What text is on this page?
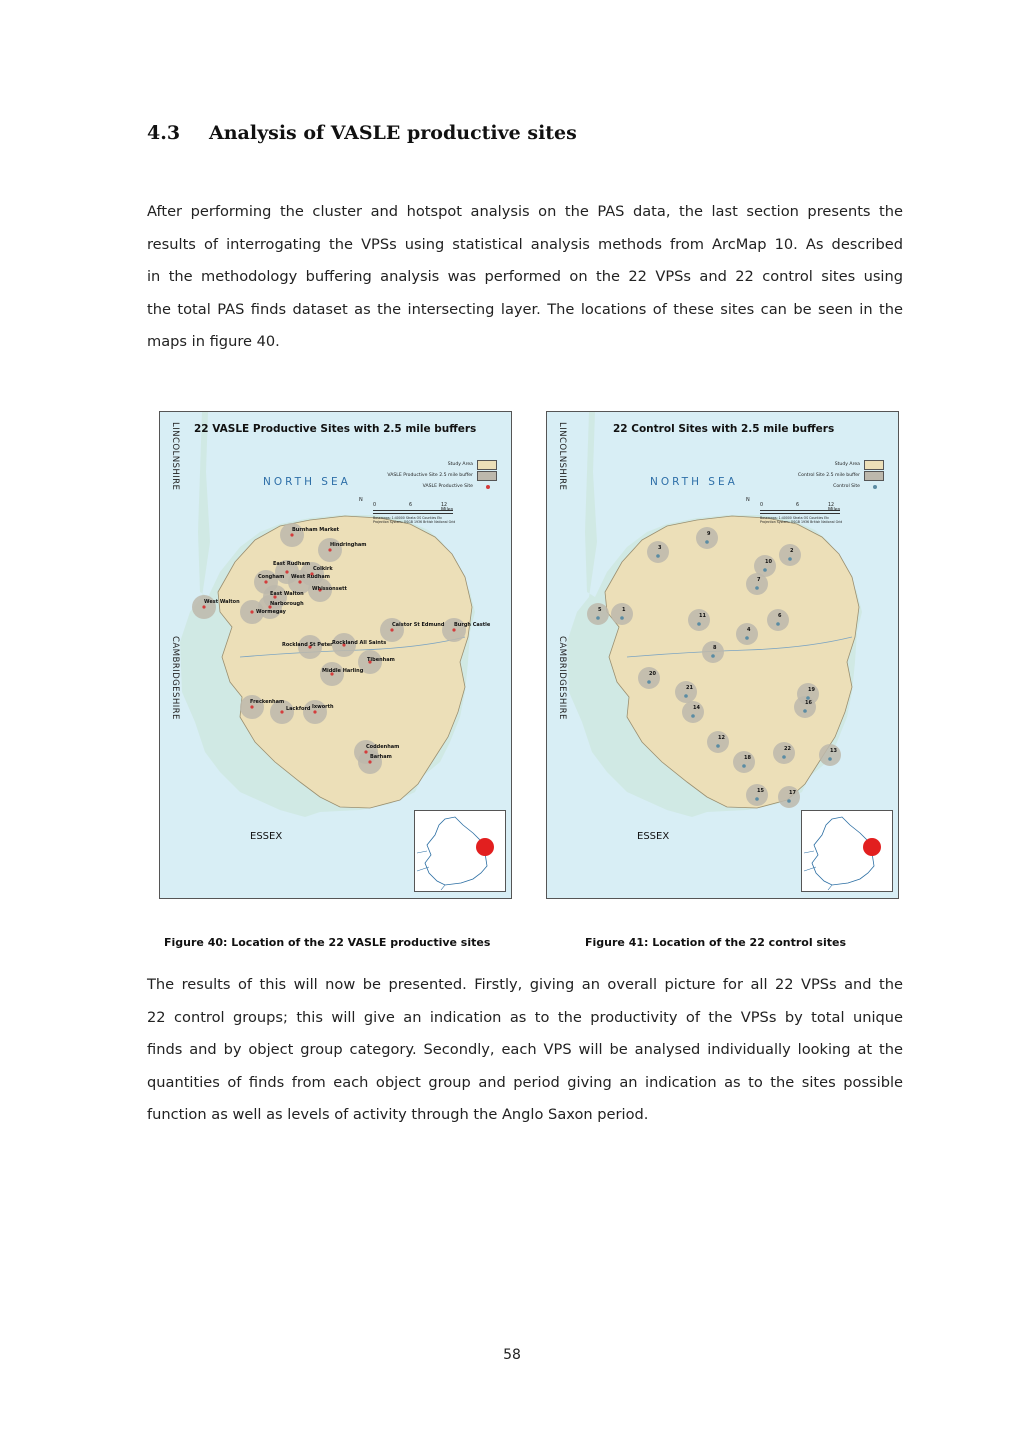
4.3 Analysis of VASLE productive sites

After performing the cluster and hotspot analysis on the PAS data, the last section presents the
results of interrogating the VPSs using statistical analysis methods from ArcMap 10. As described
in the methodology buffering analysis was performed on the 22 VPSs and 22 control sites using
the total PAS finds dataset as the intersecting layer. The locations of these sites can be seen in the
maps in figure 40.

Burnham Market
Hindringham
East Rudham
Colkirk
Congham West Rudham
Whissonsett
East Walton
West Walton	Narborough
Wormegay
Caistor St Edmund Burgh Castle
Rockland St Peter Rockland All Saints
Tibenham
Middle Harling
Freckenham
Lackford Ixworth
Coddenham
Barham
22 VASLE Productive Sites with 2.5 mile buffers
LINCOLNSHIRE
CAMBRIDGESHIRE
NORTH SEA
ESSEX
Study Area
VASLE Productive Site 2.5 mile buffer
VASLE Productive Site
N
0	6	12 Miles
Basemaps: 1:40000 Strata OS Counties Etc
Projection System: OSGB 1936 British National Grid
1
2
3
4
5
6
7
8
9
10
11
12
13
14
15
16
17
18
19
20
21
22
22 Control Sites with 2.5 mile buffers
LINCOLNSHIRE
CAMBRIDGESHIRE
NORTH SEA
ESSEX
Study Area
Control Site 2.5 mile buffer
Control Site
N
0	6	12 Miles
Basemaps: 1:40000 Strata OS Counties Etc
Projection System: OSGB 1936 British National Grid
Figure 40: Location of the 22 VASLE productive sites	Figure 41: Location of the 22 control sites

The results of this will now be presented. Firstly, giving an overall picture for all 22 VPSs and the
22 control groups; this will give an indication as to the productivity of the VPSs by total unique
finds and by object group category. Secondly, each VPS will be analysed individually looking at the
quantities of finds from each object group and period giving an indication as to the sites possible
function as well as levels of activity through the Anglo Saxon period.

58
